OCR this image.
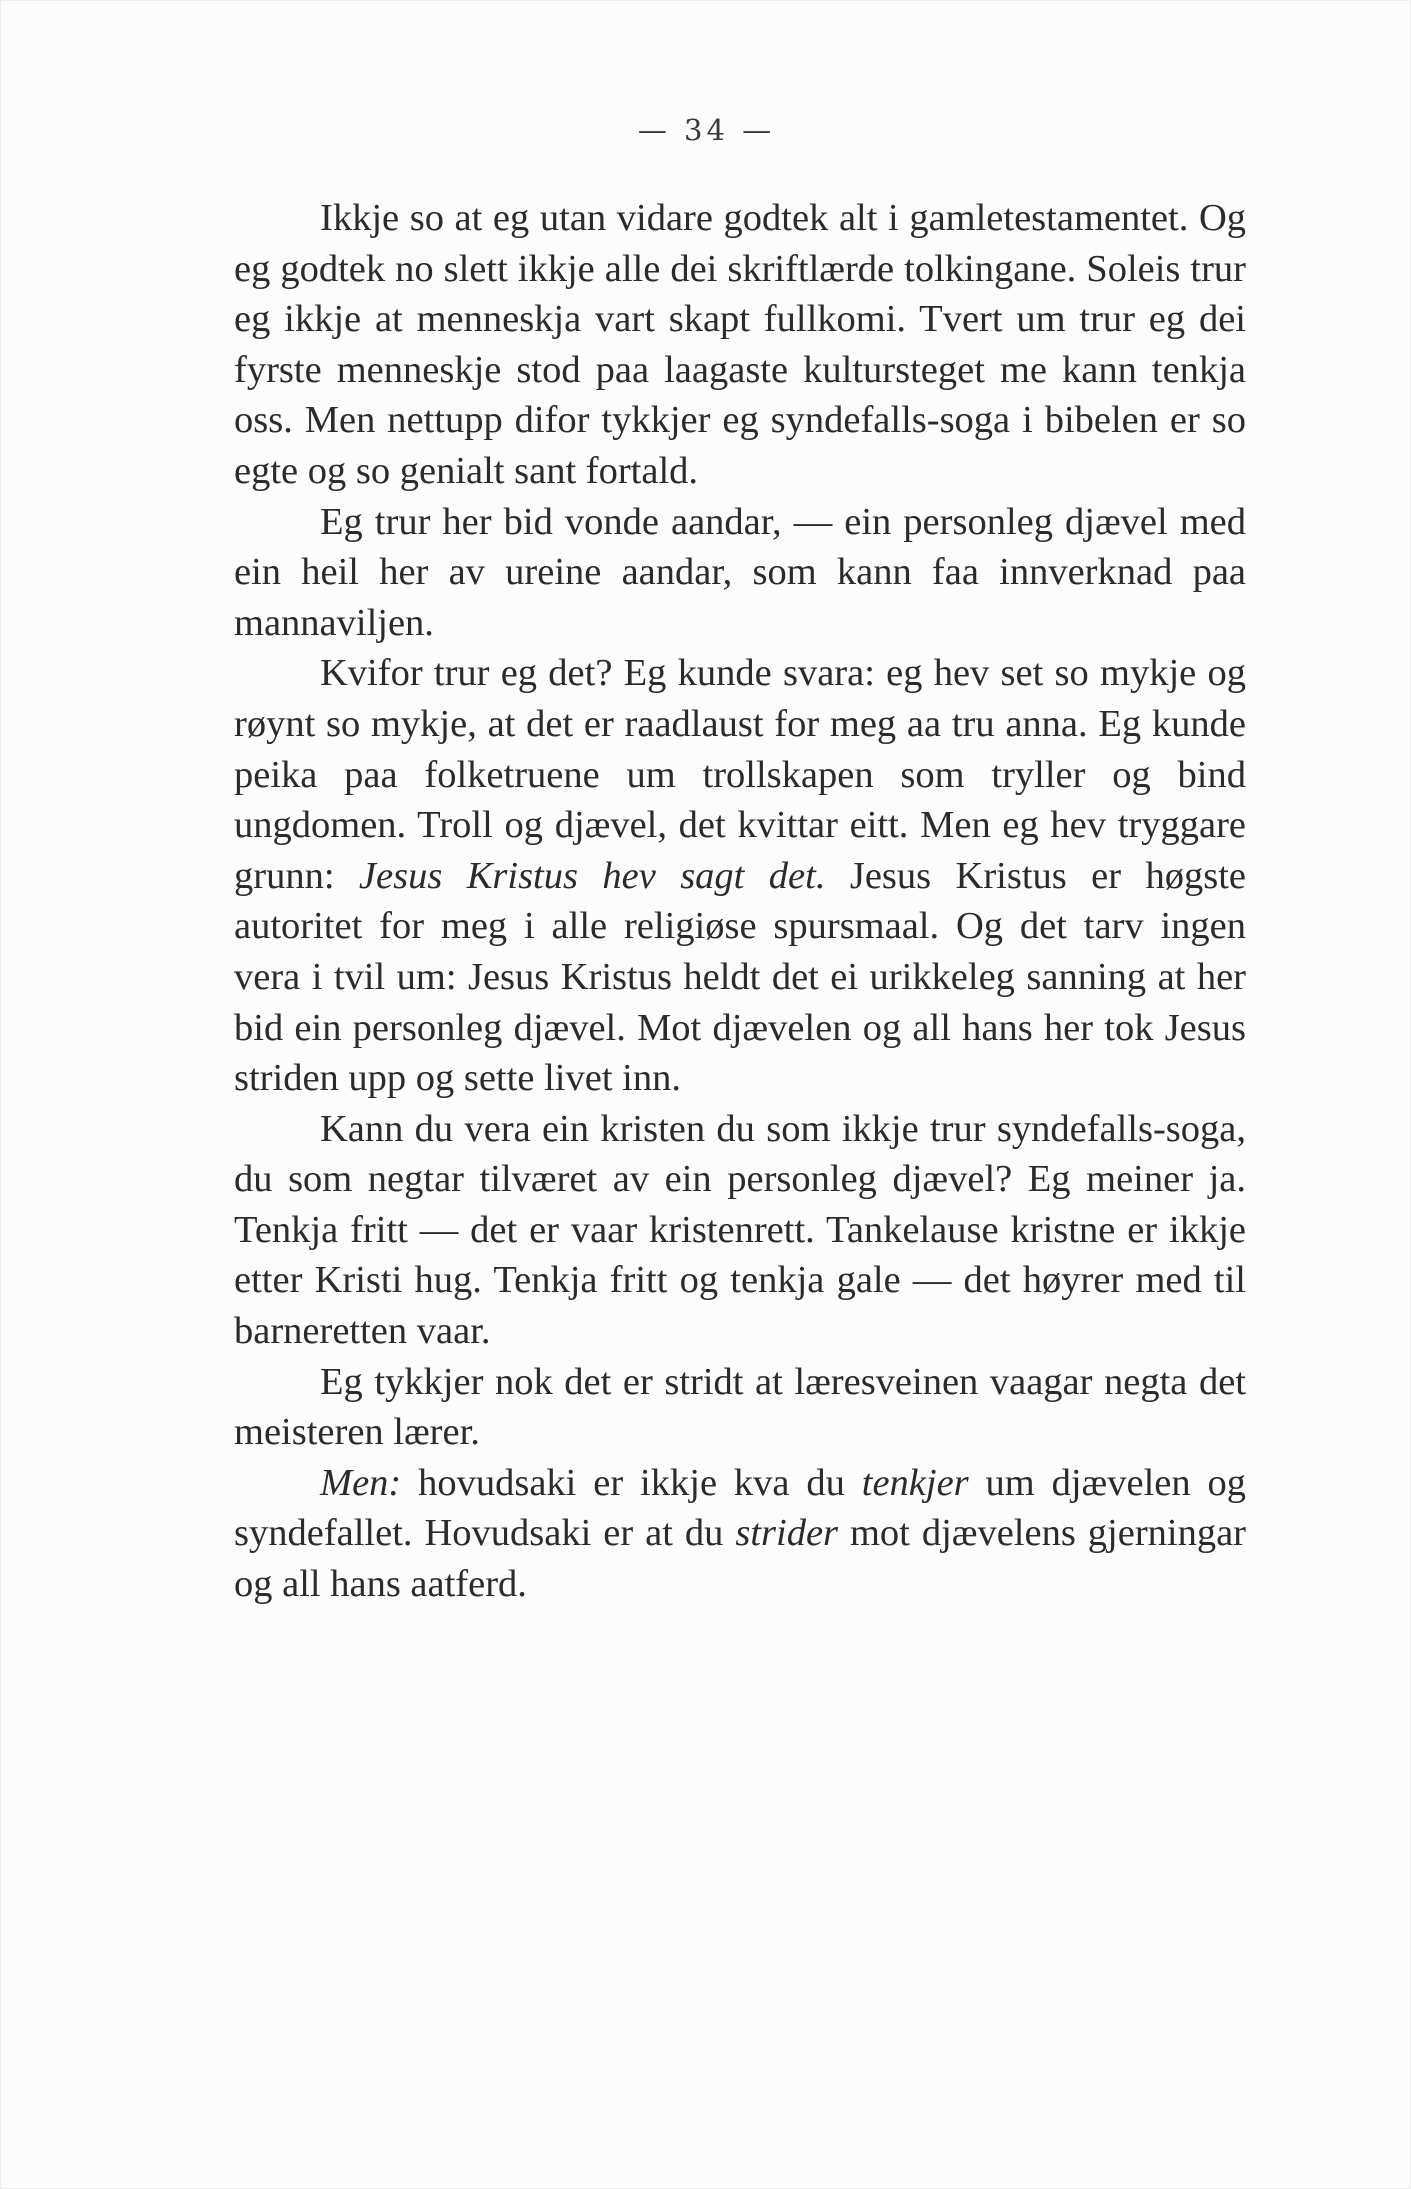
— 34 —

Ikkje so at eg utan vidare godtek alt i gamletestamentet. Og eg godtek no slett ikkje alle dei skriftlærde tolkingane. Soleis trur eg ikkje at menneskja vart skapt fullkomi. Tvert um trur eg dei fyrste menneskje stod paa laagaste kultursteget me kann tenkja oss. Men nettupp difor tykkjer eg syndefalls-soga i bibelen er so egte og so genialt sant fortald.

Eg trur her bid vonde aandar, — ein personleg djævel med ein heil her av ureine aandar, som kann faa innverknad paa mannaviljen.

Kvifor trur eg det? Eg kunde svara: eg hev set so mykje og røynt so mykje, at det er raadlaust for meg aa tru anna. Eg kunde peika paa folketruene um trollskapen som tryller og bind ungdomen. Troll og djævel, det kvittar eitt. Men eg hev tryggare grunn: Jesus Kristus hev sagt det. Jesus Kristus er høgste autoritet for meg i alle religiøse spursmaal. Og det tarv ingen vera i tvil um: Jesus Kristus heldt det ei urikkeleg sanning at her bid ein personleg djævel. Mot djævelen og all hans her tok Jesus striden upp og sette livet inn.

Kann du vera ein kristen du som ikkje trur syndefalls-soga, du som negtar tilværet av ein personleg djævel? Eg meiner ja. Tenkja fritt — det er vaar kristenrett. Tankelause kristne er ikkje etter Kristi hug. Tenkja fritt og tenkja gale — det høyrer med til barneretten vaar.

Eg tykkjer nok det er stridt at læresveinen vaagar negta det meisteren lærer.

Men: hovudsaki er ikkje kva du tenkjer um djævelen og syndefallet. Hovudsaki er at du strider mot djævelens gjerningar og all hans aatferd.
